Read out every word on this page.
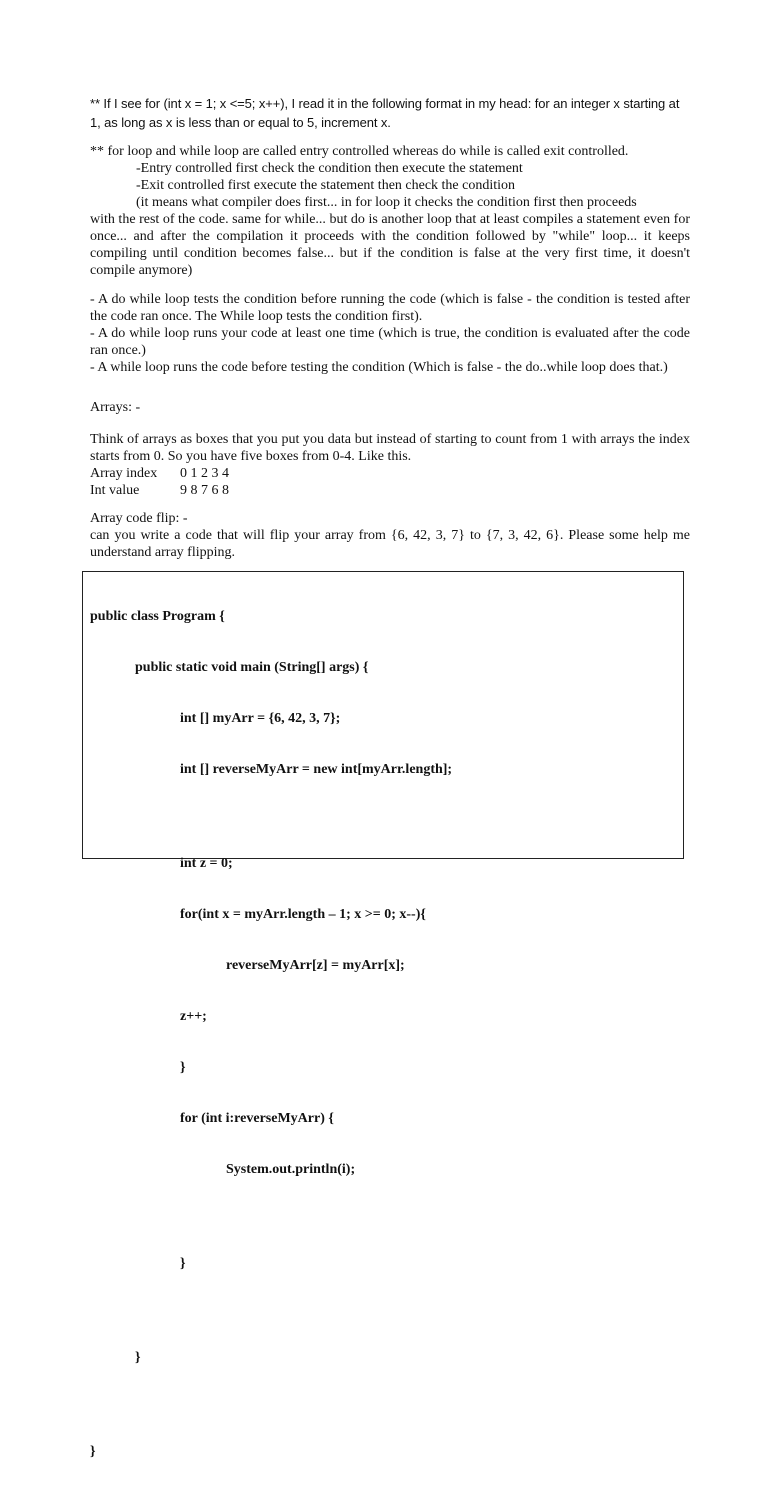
** If I see for (int x = 1; x <=5; x++), I read it in the following format in my head: for an integer x starting at 1, as long as x is less than or equal to 5, increment x.

** for loop and while loop are called entry controlled whereas do while is called exit controlled.

-Entry controlled first check the condition then execute the statement

-Exit controlled first execute the statement then check the condition

(it means what compiler does first... in for loop it checks the condition first then proceeds

with the rest of the code. same for while... but do is another loop that at least compiles a statement even for once... and after the compilation it proceeds with the condition followed by "while" loop... it keeps compiling until condition becomes false... but if the condition is false at the very first time, it doesn't compile anymore)

- A do while loop tests the condition before running the code (which is false - the condition is tested after the code ran once. The While loop tests the condition first).

- A do while loop runs your code at least one time (which is true, the condition is evaluated after the code ran once.)

- A while loop runs the code before testing the condition (Which is false - the do..while loop does that.)

Arrays: -

Think of arrays as boxes that you put you data but instead of starting to count from 1 with arrays the index starts from 0. So you have five boxes from 0-4. Like this.

Array index	0 1 2 3 4
Int value	9 8 7 6 8

Array code flip: -

can you write a code that will flip your array from {6, 42, 3, 7} to {7, 3, 42, 6}. Please some help me understand array flipping.

public class Program {

public static void main (String[] args) {

int [] myArr = {6, 42, 3, 7};

int [] reverseMyArr = new int[myArr.length];

int z = 0;

for(int x = myArr.length – 1; x >= 0; x--){

reverseMyArr[z] = myArr[x];

z++;

}

for (int i:reverseMyArr) {

System.out.println(i);

}

}

}
